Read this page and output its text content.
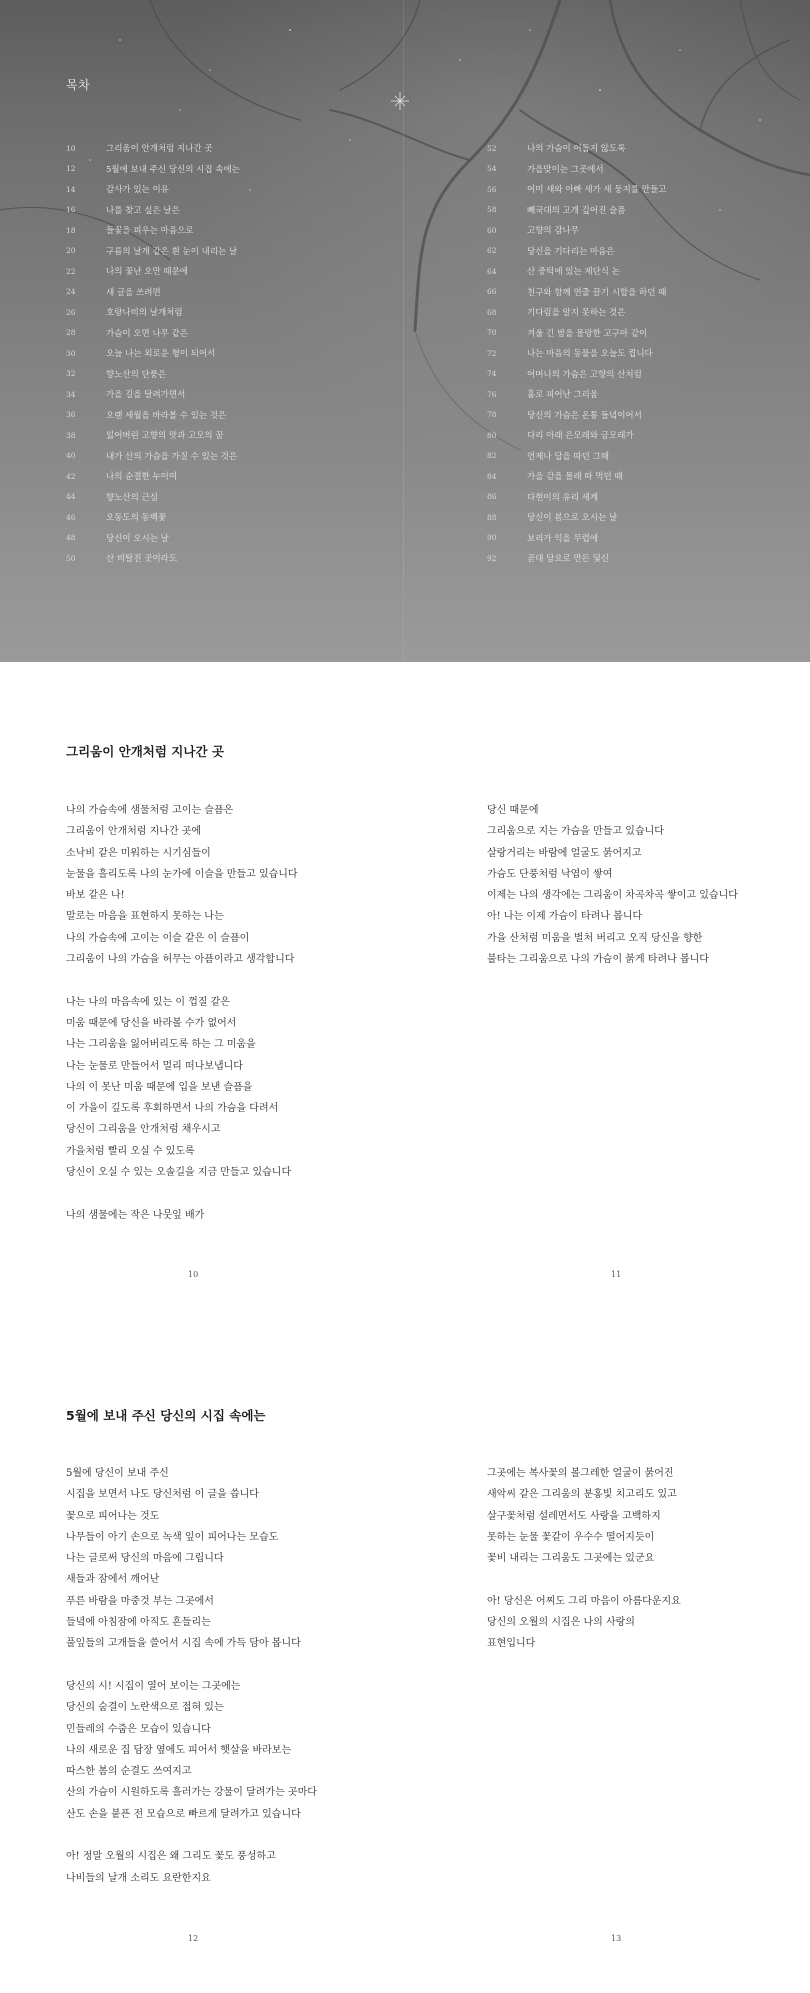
목차
10	그리움이 안개처럼 지나간 곳
12	5월에 보내 주신 당신의 시집 속에는
14	감사가 있는 이유
16	나를 찾고 싶은 날은
18	들꽃을 피우는 마음으로
20	구름의 날개 같은 흰 눈이 내리는 날
22	나의 꽃난 오만 때문에
24	새 글을 쓰려면
26	호랑나비의 날개처럼
28	가슴이 오면 나무 같은
30	오늘 나는 외로운 형이 되어서
32	향노산의 단풍은
34	가을 길을 달려가면서
36	오랜 세월을 바라볼 수 있는 것은
38	잃어버린 고향의 맛과 고모의 꿈
40	내가 산의 가슴을 가질 수 있는 것은
42	나의 순결한 누이여
44	향노산의 근심
46	오동도의 동백꽃
48	당신이 오시는 날
50	산 비탈진 곳이라도
52	나의 가슴이 어둡지 않도록
54	가을맞이는 그곳에서
56	어미 새와 아빠 새가 새 둥지를 만들고
58	빼국대의 고개 깊어진 슬픔
60	고향의 감나무
62	당신을 기다리는 마음은
64	산 중턱에 있는 제단식 논
66	친구와 함께 연출 끌기 시합을 하던 때
68	기다림을 알지 못하는 것은
70	겨울 긴 밤을 몰랑한 고구마 같이
72	나는 마음의 동물을 오늘도 켭니다
74	어머니의 가슴은 고향의 산처럼
76	홀로 피어난 그리움
78	당신의 가슴은 온통 들녘이어서
80	다리 아래 은모래와 금모래가
82	언제나 답을 따던 그때
84	가을 감을 몰래 따 먹던 때
86	다현이의 유리 세계
88	당신이 봄으로 오시는 날
90	보리가 익을 무렵에
92	곧대 담요로 만든 덫신
그리움이 안개처럼 지나간 곳
나의 가슴속에 샘물처럼 고이는 슬픔은
그리움이 안개처럼 지나간 곳에
소낙비 같은 미워하는 시기심들이
눈물을 흘리도록 나의 눈가에 이슬을 만들고 있습니다
바보 같은 나!
말로는 마음을 표현하지 못하는 나는
나의 가슴속에 고이는 이슬 같은 이 슬픔이
그리움이 나의 가슴을 허무는 아픔이라고 생각합니다
나는 나의 마음속에 있는 이 껍질 같은
미움 때문에 당신을 바라볼 수가 없어서
나는 그리움을 잃어버리도록 하는 그 미움을
나는 눈물로 만들어서 멀리 떠나보냅니다
나의 이 못난 미움 때문에 입을 보낸 슬픔을
이 가을이 깊도록 후회하면서 나의 가슴을 다려서
당신이 그리움을 안개처럼 채우시고
가을처럼 빨리 오실 수 있도록
당신이 오실 수 있는 오솔길을 지금 만들고 있습니다
나의 샘물에는 작은 나뭇잎 배가
당신 때문에
그리움으로 지는 가슴을 만들고 있습니다
살랑거리는 바람에 얼굴도 붉어지고
가슴도 단풍처럼 낙엽이 쌓여
이제는 나의 생각에는 그리움이 차곡차곡 쌓이고 있습니다
아! 나는 이제 가슴이 타려나 봅니다
가을 산처럼 미움을 벌처 버리고 오직 당신을 향한
불타는 그리움으로 나의 가슴이 붉게 타려나 봅니다
10	11
5월에 보내 주신 당신의 시집 속에는
5월에 당신이 보내 주신
시집을 보면서 나도 당신처럼 이 글을 씁니다
꽃으로 피어나는 것도
나무들이 아기 손으로 녹색 잎이 피어나는 모습도
나는 글로써 당신의 마음에 그립니다
새들과 잠에서 깨어난
푸른 바람을 마중것 부는 그곳에서
들녘에 아침잠에 아직도 흔들리는
풀잎들의 고개들을 쓸어서 시집 속에 가득 담아 봅니다
당신의 시! 시집이 열어 보이는 그곳에는
당신의 숨결이 노란색으로 접혀 있는
민들레의 수줍은 모습이 있습니다
나의 새로운 집 담장 옆에도 피어서 햇살을 바라보는
따스한 봄의 순결도 쓰여지고
산의 가슴이 시원하도록 흘러가는 강물이 달려가는 곳마다
산도 손을 붙픈 전 모습으로 빠르게 달려가고 있습니다
아! 정말 오월의 시집은 왜 그리도 꽃도 풍성하고
나비들의 날개 소리도 요란한지요
그곳에는 복사꽃의 볼그레한 얼굴이 붉어진
새악씨 같은 그리움의 분홍빛 치고리도 있고
살구꽃처럼 설레면서도 사랑을 고백하지
못하는 눈물 꽃같이 우수수 떨어지듯이
꽃비 내리는 그리움도 그곳에는 있군요
아! 당신은 어찌도 그리 마음이 아름다운지요
당신의 오월의 시집은 나의 사랑의
표현입니다
12	13
